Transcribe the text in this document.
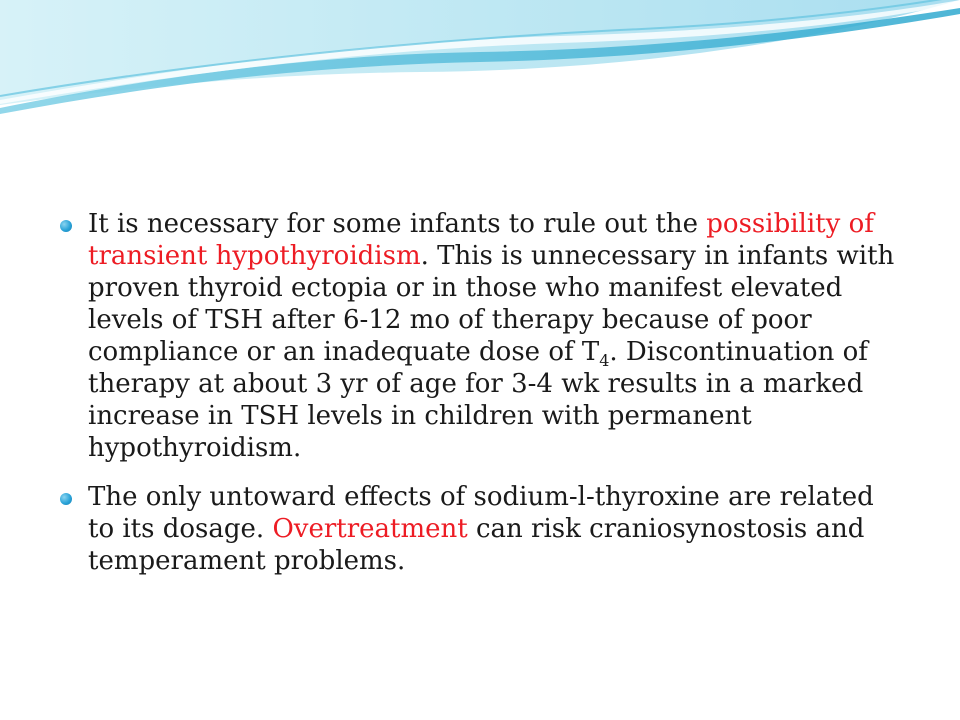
It is necessary for some infants to rule out the possibility of transient hypothyroidism. This is unnecessary in infants with proven thyroid ectopia or in those who manifest elevated levels of TSH after 6-12 mo of therapy because of poor compliance or an inadequate dose of $T_4$. Discontinuation of therapy at about 3 yr of age for 3-4 wk results in a marked increase in TSH levels in children with permanent hypothyroidism.
The only untoward effects of sodium-l-thyroxine are related to its dosage. Overtreatment can risk craniosynostosis and temperament problems.
